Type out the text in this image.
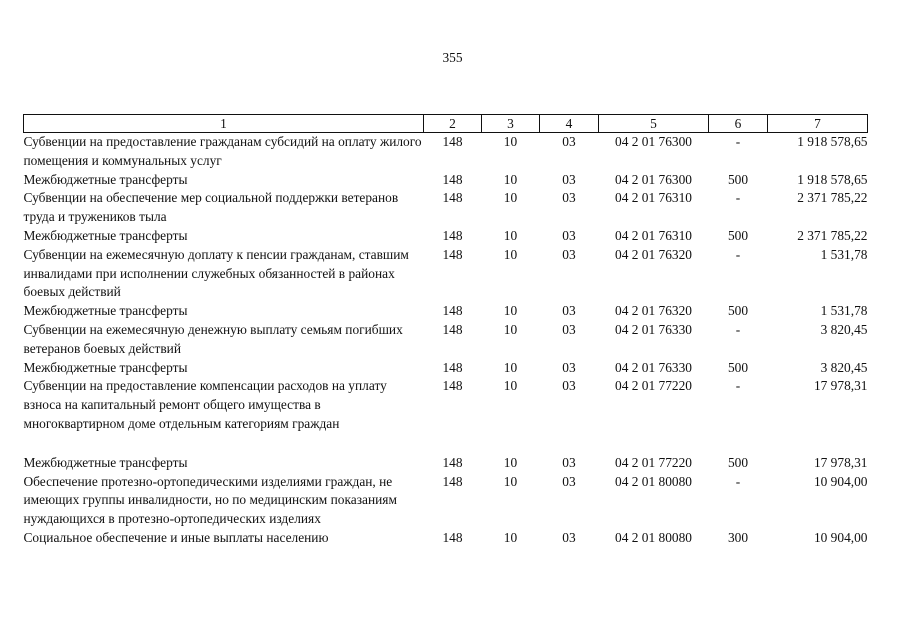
355
1	2	3	4	5	6	7
Субвенции на предоставление гражданам субсидий на оплату жилого помещения и коммунальных услуг	148	10	03	04 2 01 76300	-	1 918 578,65
Межбюджетные трансферты	148	10	03	04 2 01 76300	500	1 918 578,65
Субвенции на обеспечение мер социальной поддержки ветеранов труда и тружеников тыла	148	10	03	04 2 01 76310	-	2 371 785,22
Межбюджетные трансферты	148	10	03	04 2 01 76310	500	2 371 785,22
Субвенции на ежемесячную доплату к пенсии гражданам, ставшим инвалидами при исполнении служебных обязанностей в районах боевых действий	148	10	03	04 2 01 76320	-	1 531,78
Межбюджетные трансферты	148	10	03	04 2 01 76320	500	1 531,78
Субвенции на ежемесячную денежную выплату семьям погибших ветеранов боевых действий	148	10	03	04 2 01 76330	-	3 820,45
Межбюджетные трансферты	148	10	03	04 2 01 76330	500	3 820,45
Субвенции на предоставление компенсации расходов на уплату взноса на капитальный ремонт общего имущества в многоквартирном доме отдельным категориям граждан	148	10	03	04 2 01 77220	-	17 978,31

Межбюджетные трансферты	148	10	03	04 2 01 77220	500	17 978,31
Обеспечение протезно-ортопедическими изделиями граждан, не имеющих группы инвалидности, но по медицинским показаниям нуждающихся в протезно-ортопедических изделиях	148	10	03	04 2 01 80080	-	10 904,00
Социальное обеспечение и иные выплаты населению	148	10	03	04 2 01 80080	300	10 904,00
